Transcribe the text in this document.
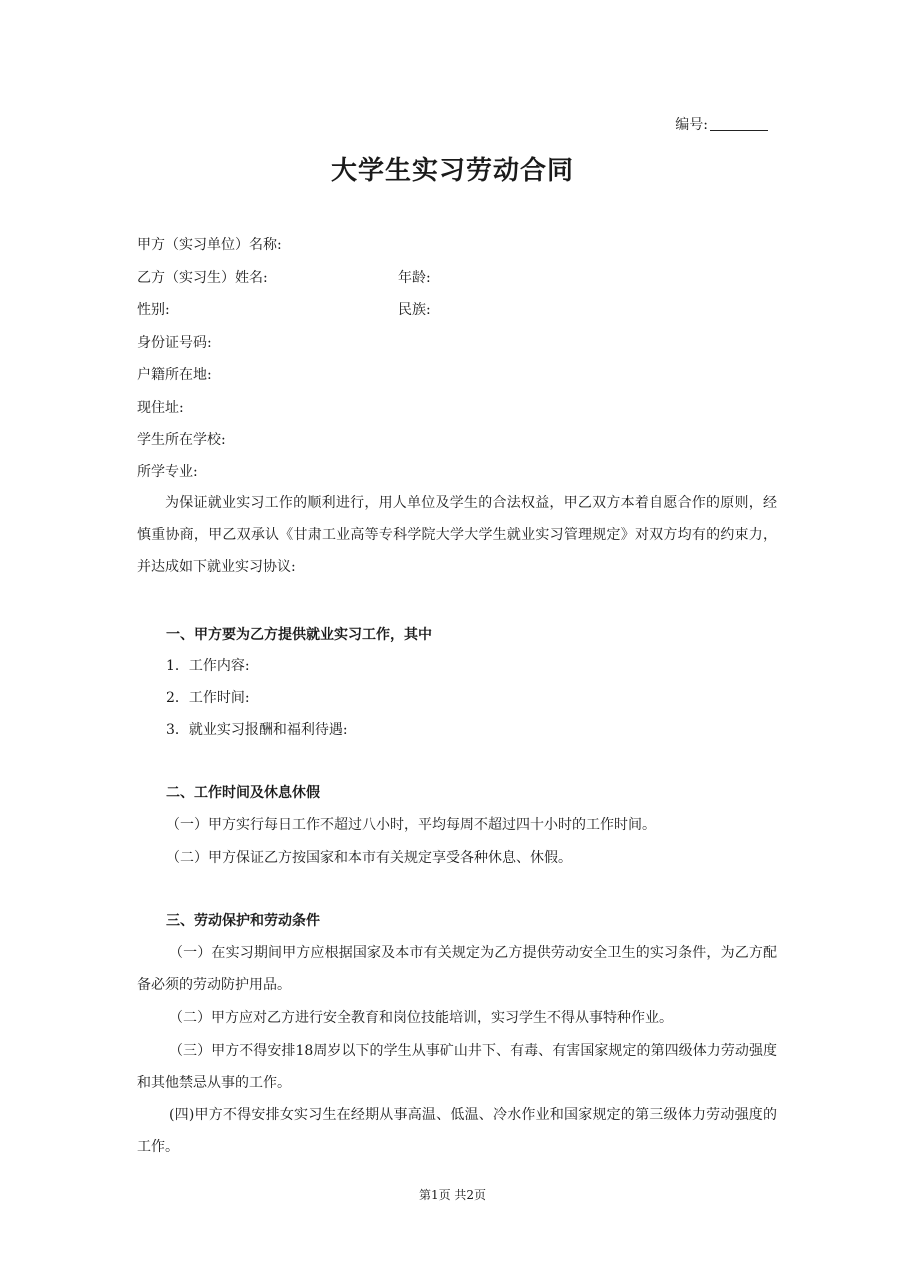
编号:
大学生实习劳动合同
甲方（实习单位）名称:
乙方（实习生）姓名:	年龄:
性别:	民族:
身份证号码:
户籍所在地:
现住址:
学生所在学校:
所学专业:
为保证就业实习工作的顺利进行，用人单位及学生的合法权益，甲乙双方本着自愿合作的原则，经慎重协商，甲乙双承认《甘肃工业高等专科学院大学大学生就业实习管理规定》对双方均有的约束力，并达成如下就业实习协议:
一、甲方要为乙方提供就业实习工作，其中
1．工作内容:
2．工作时间:
3．就业实习报酬和福利待遇:
二、工作时间及休息休假
（一）甲方实行每日工作不超过八小时，平均每周不超过四十小时的工作时间。
（二）甲方保证乙方按国家和本市有关规定享受各种休息、休假。
三、劳动保护和劳动条件
（一）在实习期间甲方应根据国家及本市有关规定为乙方提供劳动安全卫生的实习条件，为乙方配备必须的劳动防护用品。
（二）甲方应对乙方进行安全教育和岗位技能培训，实习学生不得从事特种作业。
（三）甲方不得安排18周岁以下的学生从事矿山井下、有毒、有害国家规定的第四级体力劳动强度和其他禁忌从事的工作。
(四)甲方不得安排女实习生在经期从事高温、低温、冷水作业和国家规定的第三级体力劳动强度的工作。
第1页 共2页
